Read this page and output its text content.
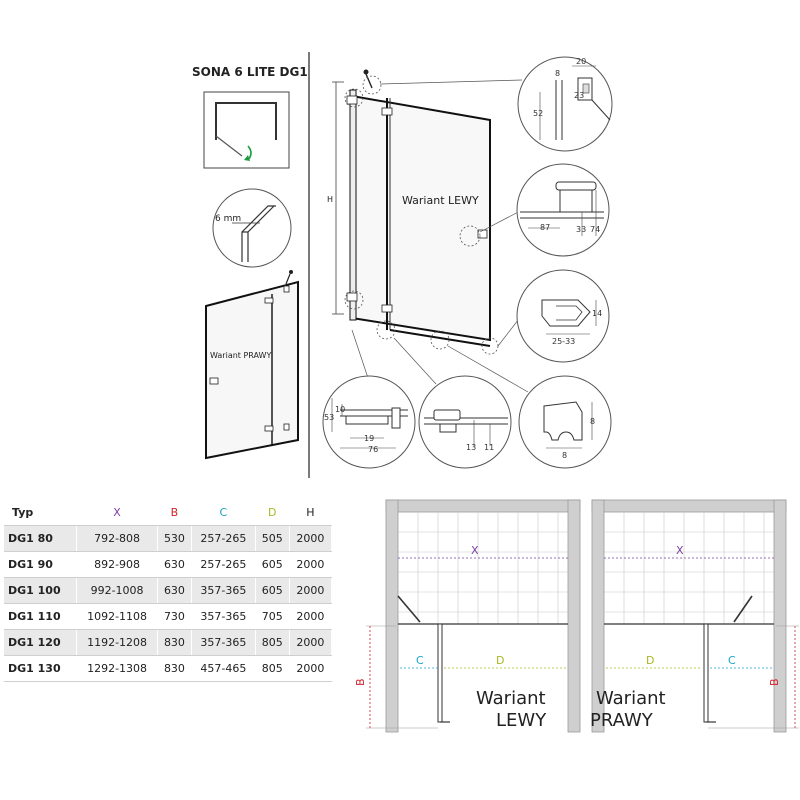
SONA 6 LITE DG1
6 mm
Wariant PRAWY
H	Wariant LEWY
20
8
23
52
87	33 74
14
25-33
53
10
19
76	13 11
8
8
X
C	D
B
Wariant
LEWY
X
D	C
B
Wariant
PRAWY
Typ	X	B	C	D	H
DG1 80	792-808	530	257-265	505	2000
DG1 90	892-908	630	257-265	605	2000
DG1 100	992-1008	630	357-365	605	2000
DG1 110	1092-1108	730	357-365	705	2000
DG1 120	1192-1208	830	357-365	805	2000
DG1 130	1292-1308	830	457-465	805	2000
